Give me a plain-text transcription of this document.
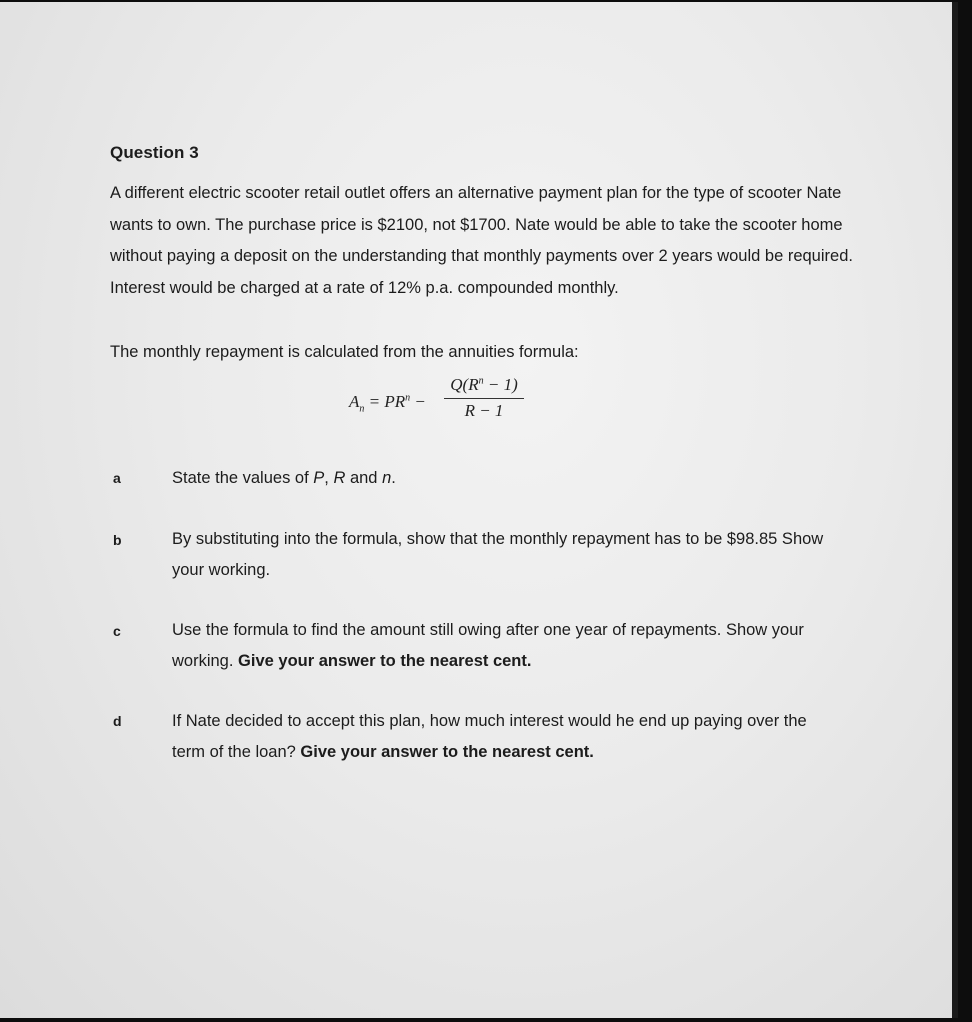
Question 3
A different electric scooter retail outlet offers an alternative payment plan for the type of scooter Nate wants to own. The purchase price is $2100, not $1700. Nate would be able to take the scooter home without paying a deposit on the understanding that monthly payments over 2 years would be required. Interest would be charged at a rate of 12% p.a. compounded monthly.
The monthly repayment is calculated from the annuities formula:
$A_n = PR^n$ −
$Q(R^n - 1)$
R − 1
a	State the values of P, R and n.
b	By substituting into the formula, show that the monthly repayment has to be $98.85 Show your working.
c	Use the formula to find the amount still owing after one year of repayments. Show your working. Give your answer to the nearest cent.
d	If Nate decided to accept this plan, how much interest would he end up paying over the term of the loan? Give your answer to the nearest cent.
